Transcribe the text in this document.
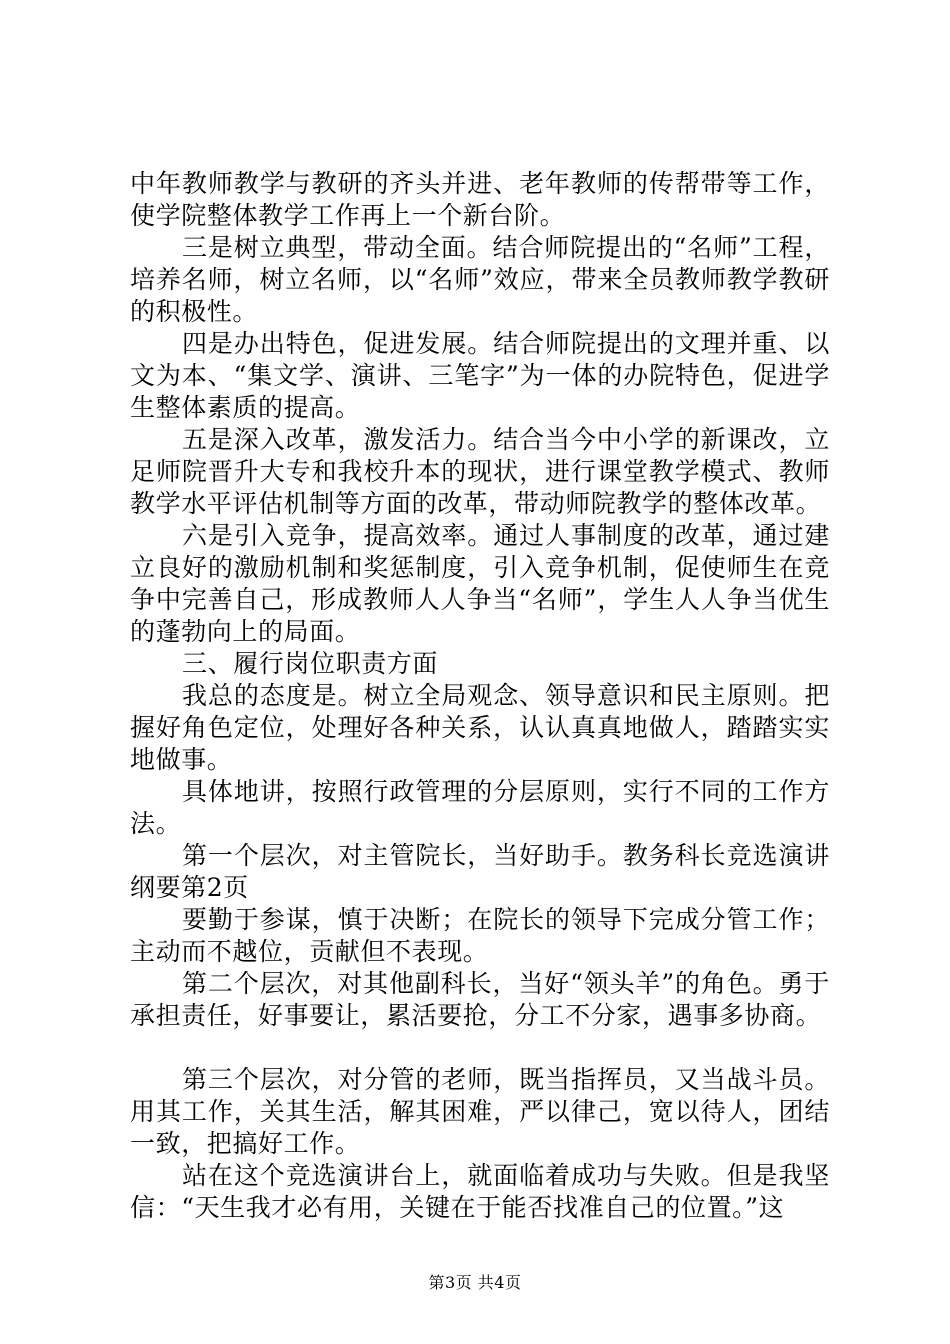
中年教师教学与教研的齐头并进、老年教师的传帮带等工作，使学院整体教学工作再上一个新台阶。

三是树立典型，带动全面。结合师院提出的“名师”工程，培养名师，树立名师，以“名师”效应，带来全员教师教学教研的积极性。

四是办出特色，促进发展。结合师院提出的文理并重、以文为本、“集文学、演讲、三笔字”为一体的办院特色，促进学生整体素质的提高。

五是深入改革，激发活力。结合当今中小学的新课改，立足师院晋升大专和我校升本的现状，进行课堂教学模式、教师教学水平评估机制等方面的改革，带动师院教学的整体改革。

六是引入竞争，提高效率。通过人事制度的改革，通过建立良好的激励机制和奖惩制度，引入竞争机制，促使师生在竞争中完善自己，形成教师人人争当“名师”，学生人人争当优生的蓬勃向上的局面。

三、履行岗位职责方面

我总的态度是。树立全局观念、领导意识和民主原则。把握好角色定位，处理好各种关系，认认真真地做人，踏踏实实地做事。

具体地讲，按照行政管理的分层原则，实行不同的工作方法。

第一个层次，对主管院长，当好助手。教务科长竞选演讲纲要第2页

要勤于参谋，慎于决断；在院长的领导下完成分管工作；主动而不越位，贡献但不表现。

第二个层次，对其他副科长，当好“领头羊”的角色。勇于承担责任，好事要让，累活要抢，分工不分家，遇事多协商。

第三个层次，对分管的老师，既当指挥员，又当战斗员。用其工作，关其生活，解其困难，严以律己，宽以待人，团结一致，把搞好工作。

站在这个竞选演讲台上，就面临着成功与失败。但是我坚信：“天生我才必有用，关键在于能否找准自己的位置。”这

第3页 共4页
